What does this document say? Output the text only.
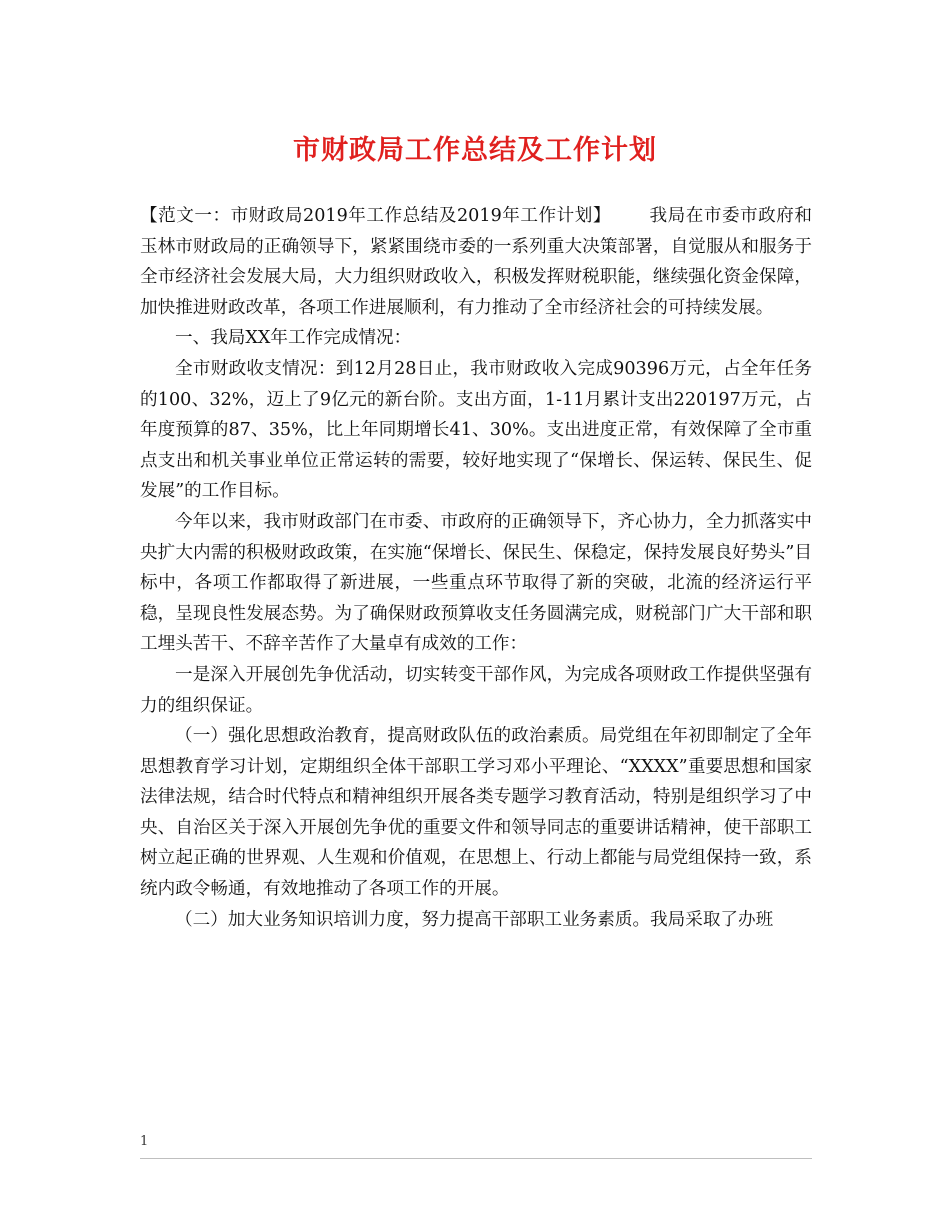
市财政局工作总结及工作计划

【范文一：市财政局2019年工作总结及2019年工作计划】 我局在市委市政府和玉林市财政局的正确领导下，紧紧围绕市委的一系列重大决策部署，自觉服从和服务于全市经济社会发展大局，大力组织财政收入，积极发挥财税职能，继续强化资金保障，加快推进财政改革，各项工作进展顺利，有力推动了全市经济社会的可持续发展。

一、我局XX年工作完成情况：

全市财政收支情况：到12月28日止，我市财政收入完成90396万元，占全年任务的100、32%，迈上了9亿元的新台阶。支出方面，1-11月累计支出220197万元，占年度预算的87、35%，比上年同期增长41、30%。支出进度正常，有效保障了全市重点支出和机关事业单位正常运转的需要，较好地实现了“保增长、保运转、保民生、促发展”的工作目标。

今年以来，我市财政部门在市委、市政府的正确领导下，齐心协力，全力抓落实中央扩大内需的积极财政政策，在实施“保增长、保民生、保稳定，保持发展良好势头”目标中，各项工作都取得了新进展，一些重点环节取得了新的突破，北流的经济运行平稳，呈现良性发展态势。为了确保财政预算收支任务圆满完成，财税部门广大干部和职工埋头苦干、不辞辛苦作了大量卓有成效的工作：

一是深入开展创先争优活动，切实转变干部作风，为完成各项财政工作提供坚强有力的组织保证。

（一）强化思想政治教育，提高财政队伍的政治素质。局党组在年初即制定了全年思想教育学习计划，定期组织全体干部职工学习邓小平理论、“XXXX”重要思想和国家法律法规，结合时代特点和精神组织开展各类专题学习教育活动，特别是组织学习了中央、自治区关于深入开展创先争优的重要文件和领导同志的重要讲话精神，使干部职工树立起正确的世界观、人生观和价值观，在思想上、行动上都能与局党组保持一致，系统内政令畅通，有效地推动了各项工作的开展。

（二）加大业务知识培训力度，努力提高干部职工业务素质。我局采取了办班

1
